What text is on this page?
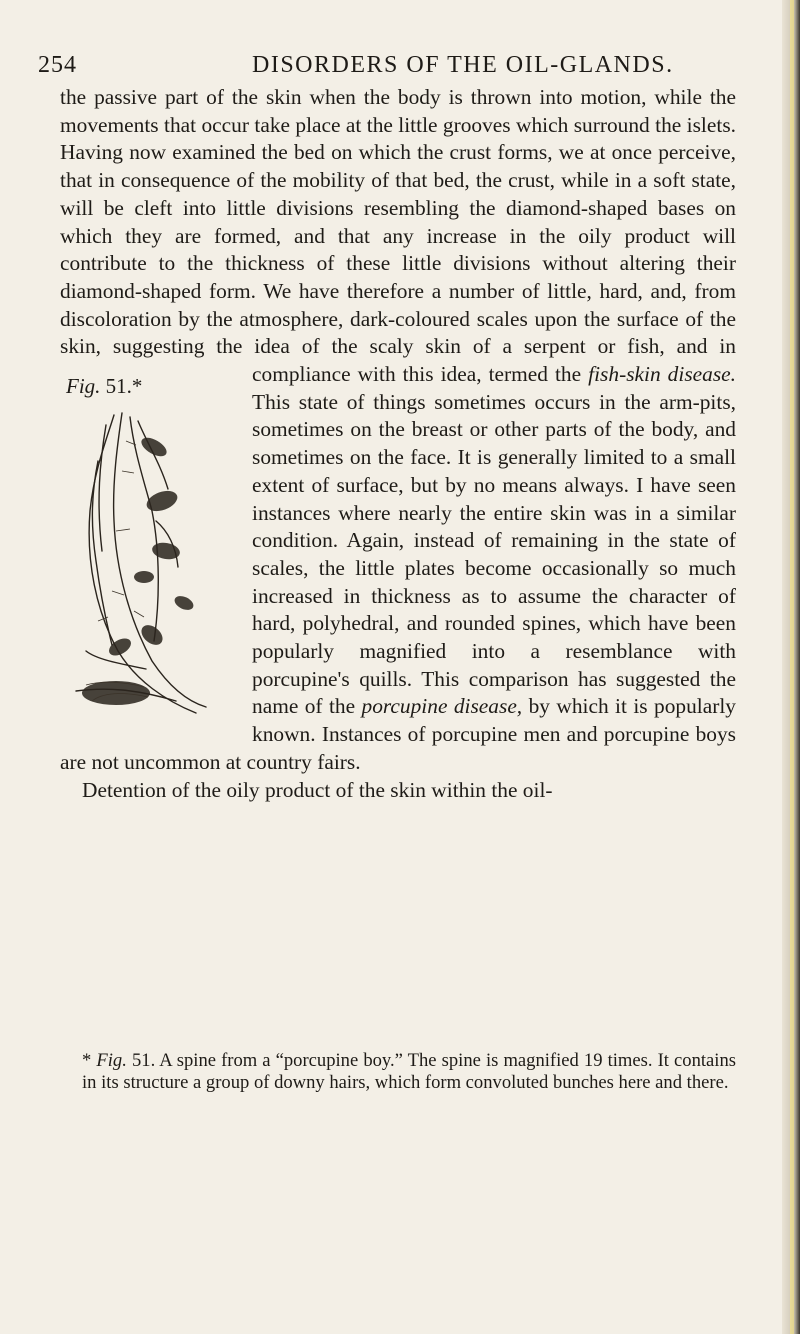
254	DISORDERS OF THE OIL-GLANDS.

the passive part of the skin when the body is thrown into motion, while the movements that occur take place at the little grooves which surround the islets. Having now examined the bed on which the crust forms, we at once perceive, that in consequence of the mobility of that bed, the crust, while in a soft state, will be cleft into little divisions resembling the diamond-shaped bases on which they are formed, and that any increase in the oily product will contribute to the thickness of these little divisions without altering their diamond-shaped form. We have therefore a number of little, hard, and, from discoloration by the atmosphere, dark-coloured scales upon the surface of the skin, suggesting the idea of the scaly skin of a serpent or fish, and in compliance with this idea, termed the
Fig. 51.*	fish-skin disease. This state of things sometimes occurs in the arm-pits, sometimes on the breast or other parts of the body, and sometimes on the face. It is generally limited to a small extent of surface, but by no means always. I have seen instances where nearly the entire skin was in a similar condition. Again, instead of remaining in the state of scales, the little plates become occasionally so much increased in thickness as to assume the character of hard, polyhedral, and rounded spines, which have been popularly magnified into a resemblance with porcupine's quills. This comparison has suggested the name of the porcupine disease, by which it is popularly known. Instances of porcupine men and porcupine boys are not uncommon at country fairs.

Detention of the oily product of the skin within the oil-

* Fig. 51. A spine from a “porcupine boy.” The spine is magnified 19 times. It contains in its structure a group of downy hairs, which form convoluted bunches here and there.
